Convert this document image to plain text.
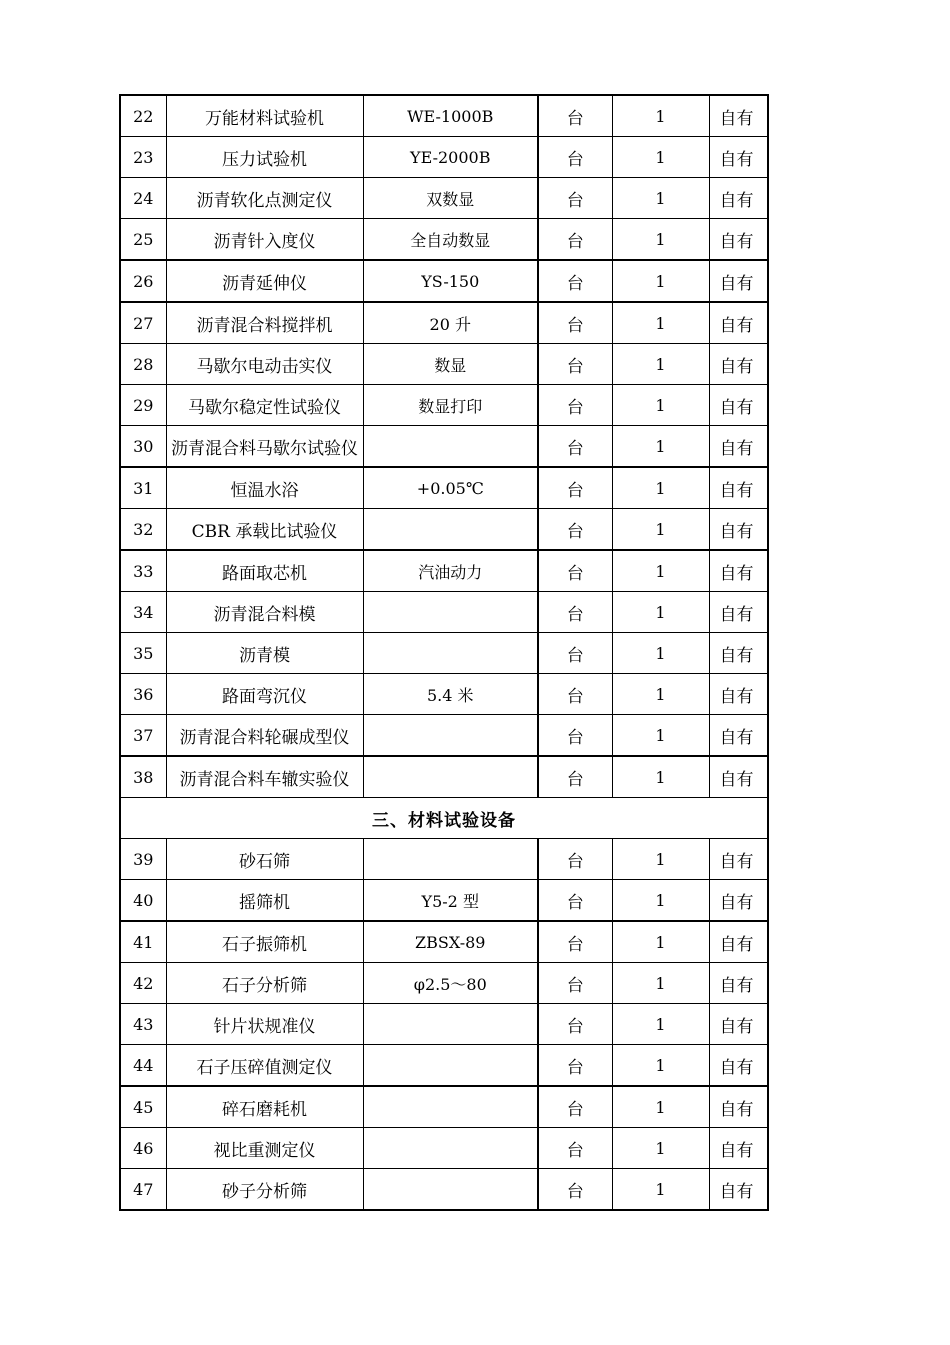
22	万能材料试验机	WE-1000B	台	1	自有
23	压力试验机	YE-2000B	台	1	自有
24	沥青软化点测定仪	双数显	台	1	自有
25	沥青针入度仪	全自动数显	台	1	自有
26	沥青延伸仪	YS-150	台	1	自有
27	沥青混合料搅拌机	20 升	台	1	自有
28	马歇尔电动击实仪	数显	台	1	自有
29	马歇尔稳定性试验仪	数显打印	台	1	自有
30	沥青混合料马歇尔试验仪		台	1	自有
31	恒温水浴	+0.05℃	台	1	自有
32	CBR 承载比试验仪		台	1	自有
33	路面取芯机	汽油动力	台	1	自有
34	沥青混合料模		台	1	自有
35	沥青模		台	1	自有
36	路面弯沉仪	5.4 米	台	1	自有
37	沥青混合料轮碾成型仪		台	1	自有
38	沥青混合料车辙实验仪		台	1	自有
三、材料试验设备					
39	砂石筛		台	1	自有
40	摇筛机	Y5-2 型	台	1	自有
41	石子振筛机	ZBSX-89	台	1	自有
42	石子分析筛	φ2.5～80	台	1	自有
43	针片状规准仪		台	1	自有
44	石子压碎值测定仪		台	1	自有
45	碎石磨耗机		台	1	自有
46	视比重测定仪		台	1	自有
47	砂子分析筛		台	1	自有
